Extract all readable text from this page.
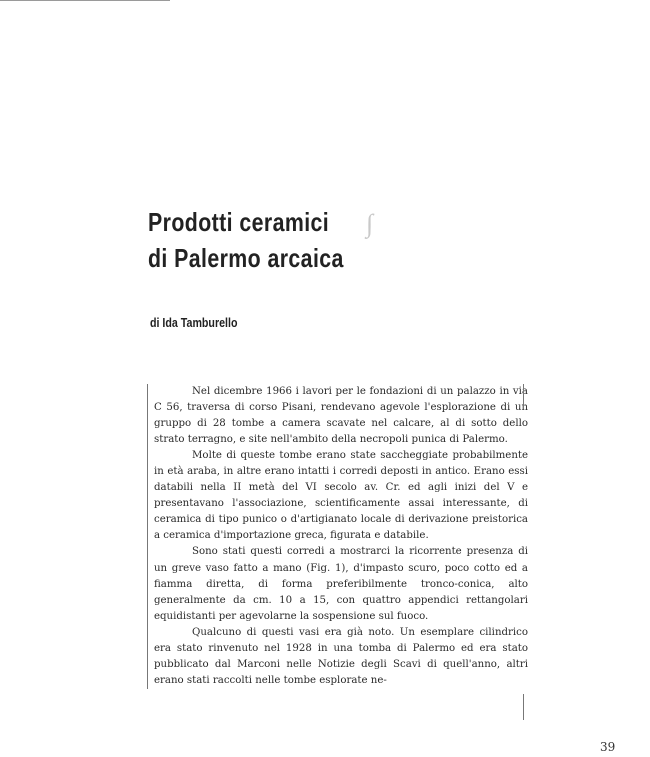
Prodotti ceramici
di Palermo arcaica
∫
di Ida Tamburello

Nel dicembre 1966 i lavori per le fondazioni di un palazzo in via C 56, traversa di corso Pisani, rendevano agevole l'esplorazione di un gruppo di 28 tombe a camera scavate nel calcare, al di sotto dello strato terragno, e site nell'ambito della necropoli punica di Palermo.

Molte di queste tombe erano state saccheggiate probabilmente in età araba, in altre erano intatti i corredi deposti in antico. Erano essi databili nella II metà del VI secolo av. Cr. ed agli inizi del V e presentavano l'associazione, scientificamente assai interessante, di ceramica di tipo punico o d'artigianato locale di derivazione preistorica a ceramica d'importazione greca, figurata e databile.

Sono stati questi corredi a mostrarci la ricorrente presenza di un greve vaso fatto a mano (Fig. 1), d'impasto scuro, poco cotto ed a fiamma diretta, di forma preferibilmente tronco-conica, alto generalmente da cm. 10 a 15, con quattro appendici rettangolari equidistanti per agevolarne la sospensione sul fuoco.

Qualcuno di questi vasi era già noto. Un esemplare cilindrico era stato rinvenuto nel 1928 in una tomba di Palermo ed era stato pubblicato dal Marconi nelle Notizie degli Scavi di quell'anno, altri erano stati raccolti nelle tombe esplorate ne-

39
